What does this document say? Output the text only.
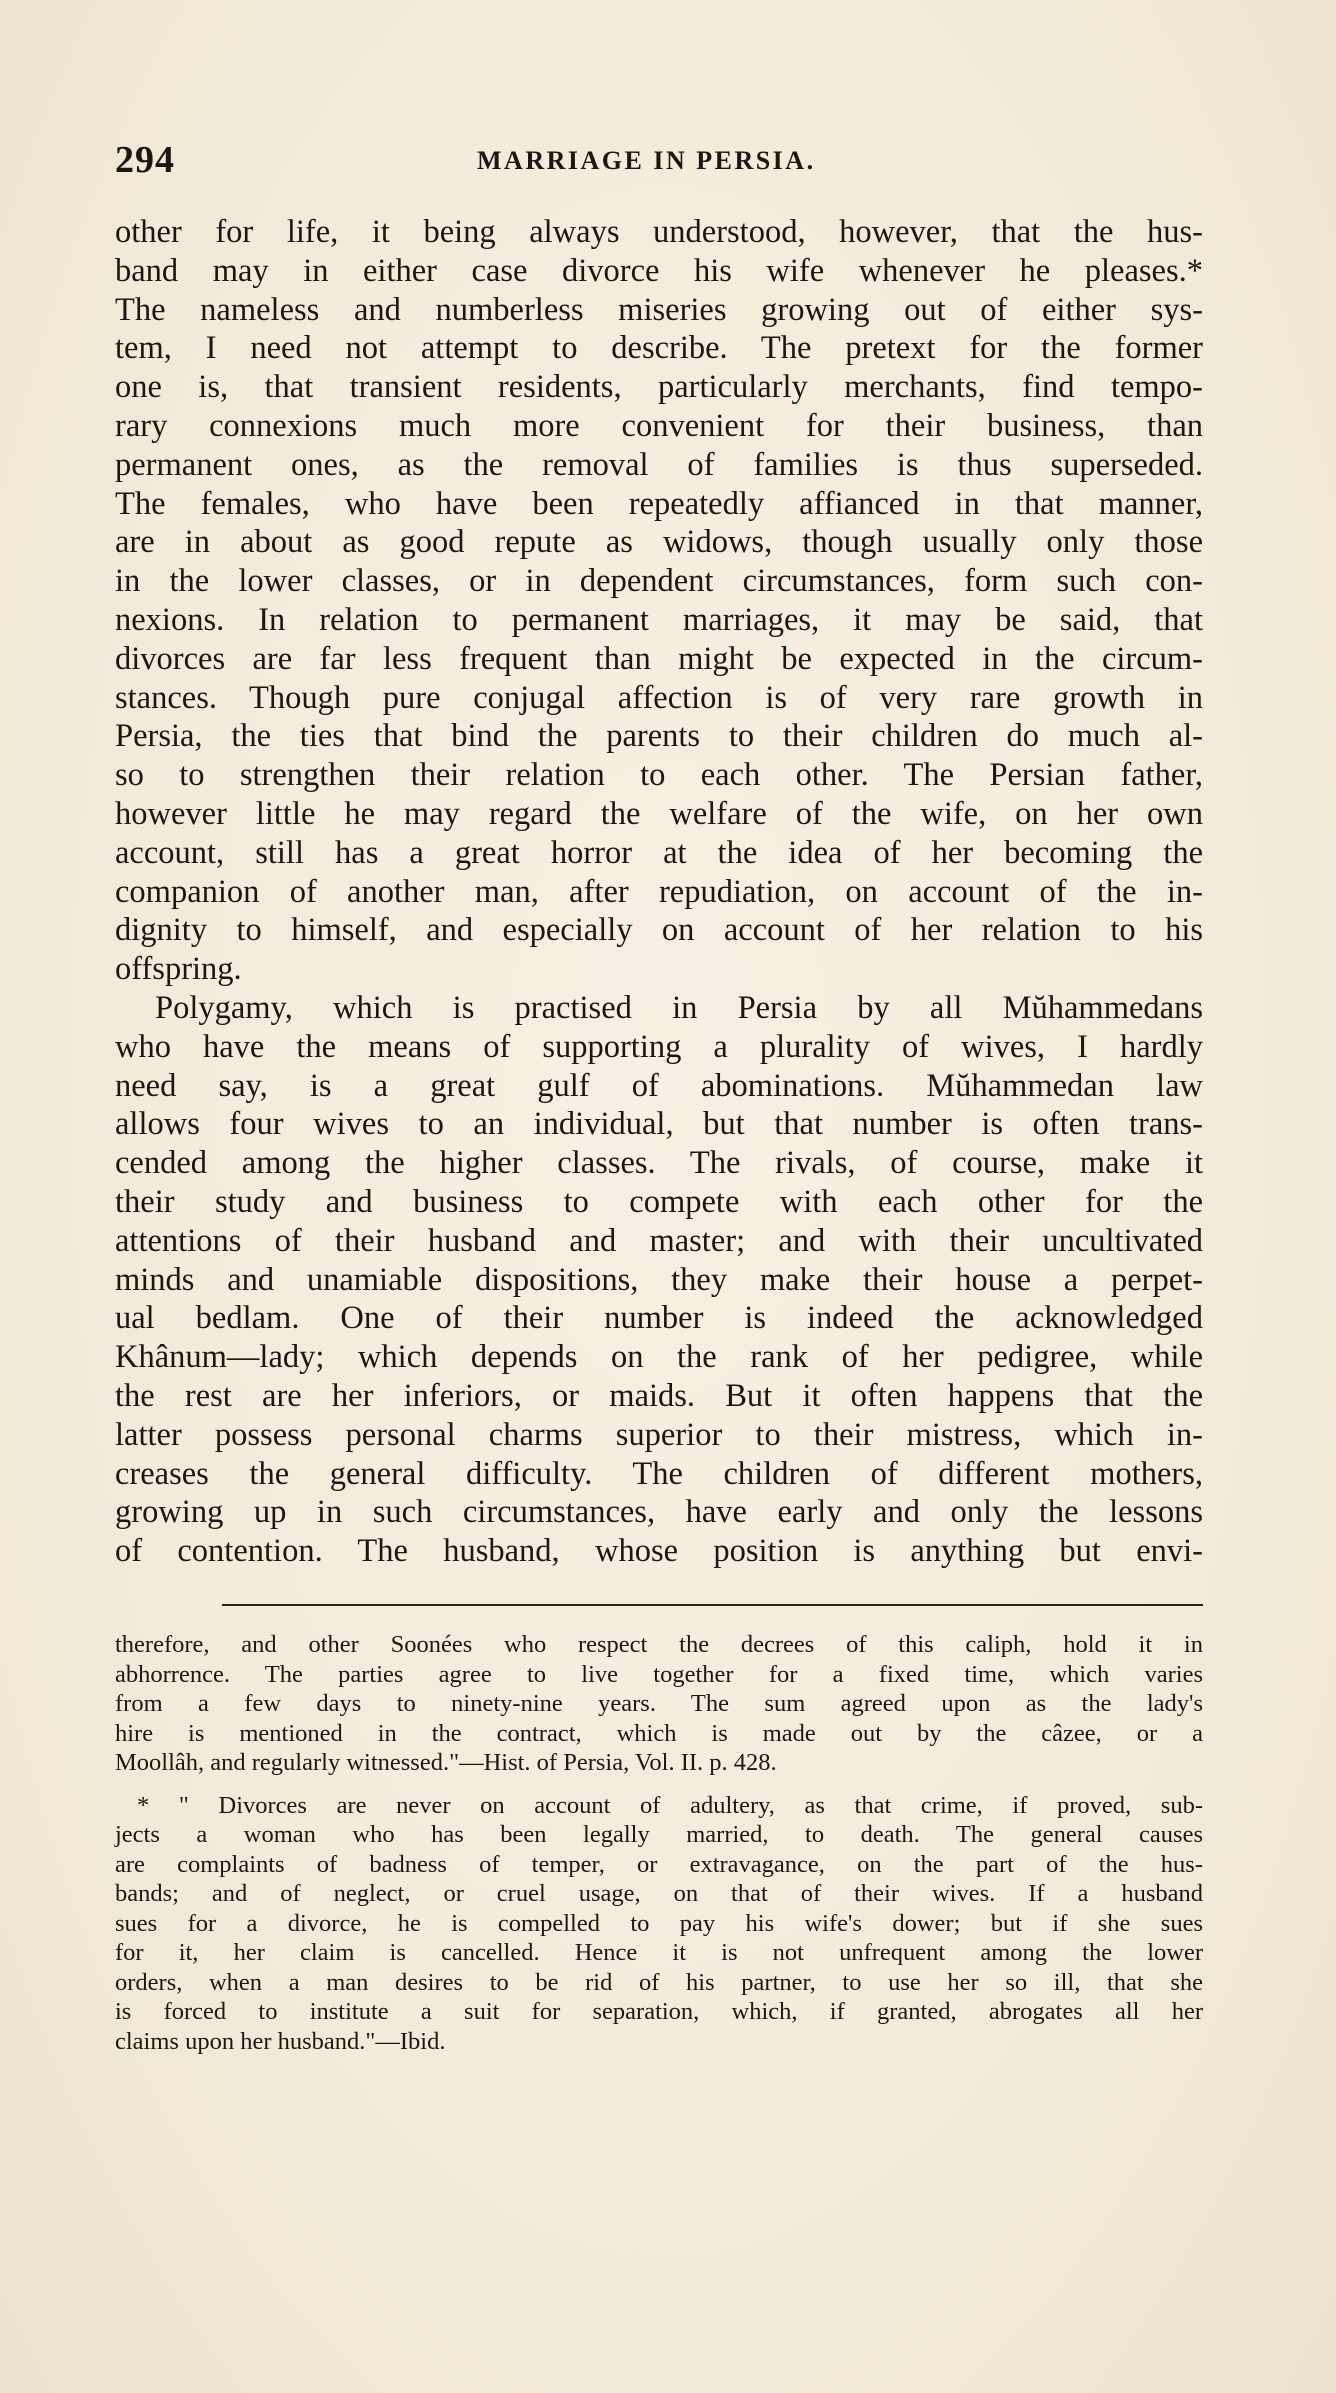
294	MARRIAGE IN PERSIA.
other for life, it being always understood, however, that the hus-
band may in either case divorce his wife whenever he pleases.*
The nameless and numberless miseries growing out of either sys-
tem, I need not attempt to describe. The pretext for the former
one is, that transient residents, particularly merchants, find tempo-
rary connexions much more convenient for their business, than
permanent ones, as the removal of families is thus superseded.
The females, who have been repeatedly affianced in that manner,
are in about as good repute as widows, though usually only those
in the lower classes, or in dependent circumstances, form such con-
nexions. In relation to permanent marriages, it may be said, that
divorces are far less frequent than might be expected in the circum-
stances. Though pure conjugal affection is of very rare growth in
Persia, the ties that bind the parents to their children do much al-
so to strengthen their relation to each other. The Persian father,
however little he may regard the welfare of the wife, on her own
account, still has a great horror at the idea of her becoming the
companion of another man, after repudiation, on account of the in-
dignity to himself, and especially on account of her relation to his
offspring.
Polygamy, which is practised in Persia by all Mŭhammedans
who have the means of supporting a plurality of wives, I hardly
need say, is a great gulf of abominations. Mŭhammedan law
allows four wives to an individual, but that number is often trans-
cended among the higher classes. The rivals, of course, make it
their study and business to compete with each other for the
attentions of their husband and master; and with their uncultivated
minds and unamiable dispositions, they make their house a perpet-
ual bedlam. One of their number is indeed the acknowledged
Khânum—lady; which depends on the rank of her pedigree, while
the rest are her inferiors, or maids. But it often happens that the
latter possess personal charms superior to their mistress, which in-
creases the general difficulty. The children of different mothers,
growing up in such circumstances, have early and only the lessons
of contention. The husband, whose position is anything but envi-
therefore, and other Soonées who respect the decrees of this caliph, hold it in
abhorrence. The parties agree to live together for a fixed time, which varies
from a few days to ninety-nine years. The sum agreed upon as the lady's
hire is mentioned in the contract, which is made out by the câzee, or a
Moollâh, and regularly witnessed."—Hist. of Persia, Vol. II. p. 428.
* " Divorces are never on account of adultery, as that crime, if proved, sub-
jects a woman who has been legally married, to death. The general causes
are complaints of badness of temper, or extravagance, on the part of the hus-
bands; and of neglect, or cruel usage, on that of their wives. If a husband
sues for a divorce, he is compelled to pay his wife's dower; but if she sues
for it, her claim is cancelled. Hence it is not unfrequent among the lower
orders, when a man desires to be rid of his partner, to use her so ill, that she
is forced to institute a suit for separation, which, if granted, abrogates all her
claims upon her husband."—Ibid.
